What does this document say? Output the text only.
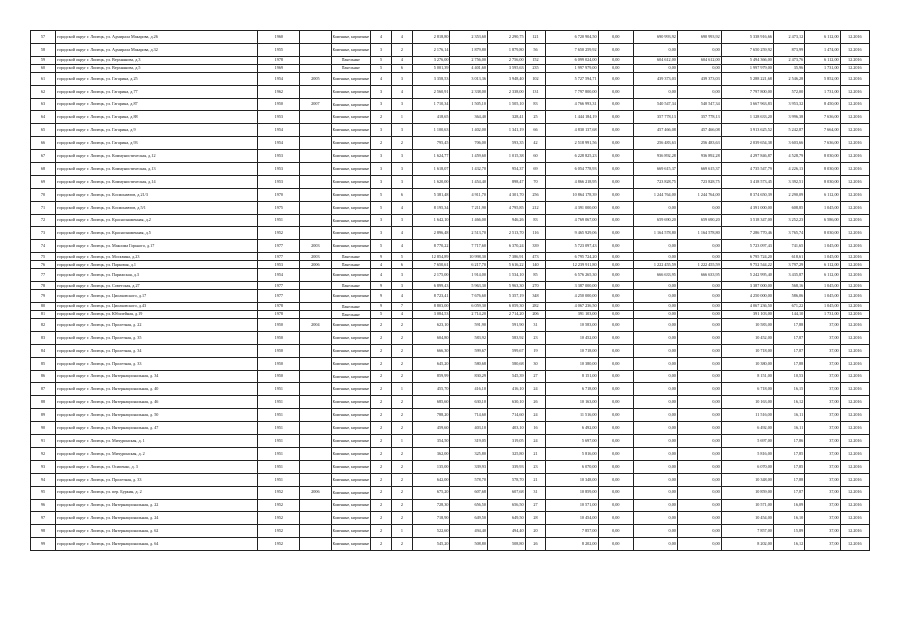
57	городской округ г. Липецк, ул. Адмирала Макарова, д.26	1960		Каменные, кирпичные	4	4	2 818,80	2 353,60	2 290,75	121	6 720 904,50	0,00	690 993,92	690 993,92	5 338 916,66	2 473,12	6 112,00	12.2016
58	городской округ г. Липецк, ул. Адмирала Макарова, д.32	1955		Каменные, кирпичные	3	2	2 176,14	1 879,80	1 879,80	56	7 650 259,92	0,00	0,00	0,00	7 650 259,92	873,99	1 474,00	12.2016
59	городской округ г. Липецк, ул. Верхнянова, д.3	1978		Панельные	5	4	3 276,00	2 756,00	2 756,00	152	6 099 024,00	0,00	604 612,00	604 612,00	5 494 366,00	2 473,76	6 112,00	12.2016
60	городской округ г. Липецк, ул. Верхнянова, д.5	1969		Панельные	5	6	5 001,39	4 401,60	3 595,63	235	1 997 979,00	0,00	0,00	0,00	1 997 979,00	35,96	1 731,00	12.2016
61	городской округ г. Липецк, ул. Гагарина, д.25	1954	2005	Каменные, кирпичные	4	3	3 358,53	3 013,36	3 948,40	102	5 727 594,71	0,00	439 373,03	439 373,03	5 288 221,68	2 546,28	5 852,00	12.2016
62	городской округ г. Липецк, ул. Гагарина, д.77	1962		Каменные, кирпичные	3	4	2 560,91	2 338,00	2 338,00	131	7 797 800,00	0,00	0,00	0,00	7 797 800,00	572,00	1 731,00	12.2016
63	городской округ г. Липецк, ул. Гагарина, д.87	1950	2007	Каменные, кирпичные	3	3	1 710,34	1 505,10	1 505,10	83	4 766 993,31	0,00	540 547,34	540 547,34	3 667 963,83	3 953,32	8 450,00	12.2016
64	городской округ г. Липецк, ул. Гагарина, д.88	1953		Каменные, кирпичные	2	1	418,65	364,40	328,41	25	1 444 184,19	0,00	357 778,13	357 778,13	1 128 633,20	3 996,38	7 636,00	12.2016
65	городской округ г. Липецк, ул. Гагарина, д.9	1954		Каменные, кирпичные	3	3	1 100,63	1 402,00	1 341,19	66	4 830 137,68	0,00	457 466,08	457 466,08	3 913 625,52	5 242,87	7 664,00	12.2016
66	городской округ г. Липецк, ул. Гагарина, д.93	1954		Каменные, кирпичные	2	2	795,45	706,00	593,35	42	2 518 991,56	0,00	256 483,63	256 483,63	2 039 654,38	3 603,66	7 636,00	12.2016
67	городской округ г. Липецк, ул. Коммунистическая, д.12	1953		Каменные, кирпичные	3	3	1 624,77	1 459,60	1 015,38	60	6 228 825,23	0,00	936 892,28	936 892,28	4 297 846,87	4 528,79	8 030,00	12.2016
68	городской округ г. Липецк, ул. Коммунистическая, д.13	1953		Каменные, кирпичные	3	3	1 618,07	1 432,70	954,37	69	6 054 778,93	0,00	669 615,37	669 615,37	4 735 547,79	4 226,13	8 030,00	12.2016
69	городской округ г. Липецк, ул. Коммунистическая, д.14	1953		Каменные, кирпичные	3	3	1 620,00	1 454,40	898,47	70	4 866 218,95	0,00	723 828,75	723 828,75	3 418 573,45	3 392,51	8 030,00	12.2016
70	городской округ г. Липецк, ул. Космонавтов, д.21/3	1970		Каменные, кирпичные	5	6	5 381,48	4 911,70	4 301,70	256	10 864 178,39	0,00	1 244 764,00	1 244 764,00	8 374 650,39	2 290,09	6 112,00	12.2016
71	городской округ г. Липецк, ул. Космонавтов, д.5/1	1975		Каменные, кирпичные	5	4	8 195,34	7 211,90	4 795,85	212	4 391 000,00	0,00	0,00	0,00	4 391 000,00	608,85	1 045,00	12.2016
72	городской округ г. Липецк, ул. Краснознаменная, д.2	1951		Каменные, кирпичные	3	3	1 642,10	1 466,00	946,26	83	4 769 067,00	0,00	659 690,20	659 690,20	3 518 347,00	3 252,23	6 586,00	12.2016
73	городской округ г. Липецк, ул. Краснознаменная, д.5	1952		Каменные, кирпичные	3	4	2 896,48	2 513,70	2 513,70	116	9 465 929,06	0,00	1 164 578,80	1 164 578,80	7 286 770,46	3 765,74	8 030,00	12.2016
74	городской округ г. Липецк, ул. Максима Горького, д.17	1977	2003	Каменные, кирпичные	5	4	8 770,22	7 717,60	6 370,24	339	5 723 097,43	0,00	0,00	0,00	5 723 097,43	741,65	1 045,00	12.2016
75	городской округ г. Липецк, ул. Москвина, д.23	1977	2003	Панельные	9	5	12 854,89	10 998,30	7 386,91	473	6 795 724,20	0,00	0,00	0,00	6 795 724,20	618,61	1 045,00	12.2016
76	городской округ г. Липецк, ул. Парковая, д.1	1953	2006	Панельные	4	6	7 650,61	6 217,70	5 616,22	140	12 239 911,80	0,00	1 222 455,59	1 222 455,59	9 752 544,22	3 797,29	6 112,00	12.2016
77	городской округ г. Липецк, ул. Парижская, д.3	1954		Каменные, кирпичные	4	3	2 175,00	1 914,00	1 534,10	85	6 576 265,30	0,00	666 633,95	666 633,95	5 242 995,40	3 435,87	6 112,00	12.2016
78	городской округ г. Липецк, ул. Советская, д.27	1977		Панельные	9	3	6 899,43	5 963,30	5 963,30	270	3 387 000,00	0,00	0,00	0,00	3 387 000,00	568,16	1 045,00	12.2016
79	городской округ г. Липецк, ул. Циолковского, д.17	1977		Каменные, кирпичные	9	4	8 723,41	7 676,60	5 357,19	348	4 250 000,00	0,00	0,00	0,00	4 250 000,00	586,06	1 045,00	12.2016
80	городской округ г. Липецк, ул. Циолковского, д.43	1978		Панельные	9	7	8 803,00	6 059,30	6 059,30	282	4 067 236,50	0,00	0,00	0,00	4 067 236,50	671,22	1 045,00	12.2016
81	городской округ г. Липецк, ул. Юбилейная, д.19	1978		Панельные	5	4	3 084,53	2 714,20	2 714,20	206	391 103,00	0,00	0,00	0,00	391 103,00	144,10	1 731,00	12.2016
82	городской округ г. Липецк, ул. Пролетная, д. 22	1950	2004	Каменные, кирпичные	2	2	623,10	591,90	591,90	31	10 583,00	0,00	0,00	0,00	10 583,00	17,88	37,00	12.2016
83	городской округ г. Липецк, ул. Пролетная, д. 35	1950		Каменные, кирпичные	2	2	604,80	583,92	583,92	23	10 452,00	0,00	0,00	0,00	10 452,00	17,87	37,00	12.2016
84	городской округ г. Липецк, ул. Пролетная, д. 34	1950		Каменные, кирпичные	2	2	666,30	599,67	599,67	19	10 718,00	0,00	0,00	0,00	10 718,00	17,87	37,00	12.2016
85	городской округ г. Липецк, ул. Пролетная, д. 33	1950		Каменные, кирпичные	2	2	645,20	580,68	580,68	30	10 380,00	0,00	0,00	0,00	10 380,00	17,88	37,00	12.2016
86	городской округ г. Липецк, ул. Интернациональная, д. 34	1950		Каменные, кирпичные	2	2	859,99	830,29	545,39	27	8 151,00	0,00	0,00	0,00	8 151,00	10,53	37,00	12.2016
87	городской округ г. Липецк, ул. Интернациональная, д. 40	1951		Каменные, кирпичные	2	1	455,70	416,10	416,10	24	6 718,00	0,00	0,00	0,00	6 718,00	16,15	37,00	12.2016
88	городской округ г. Липецк, ул. Интернациональная, д. 46	1951		Каменные, кирпичные	2	2	685,60	630,10	630,10	26	10 163,00	0,00	0,00	0,00	10 163,00	16,12	37,00	12.2016
89	городской округ г. Липецк, ул. Интернациональная, д. 50	1951		Каменные, кирпичные	2	2	788,20	714,60	714,60	24	11 516,00	0,00	0,00	0,00	11 516,00	16,11	37,00	12.2016
90	городской округ г. Липецк, ул. Интернациональная, д. 47	1951		Каменные, кирпичные	2	2	459,60	403,10	403,10	16	6 492,00	0,00	0,00	0,00	6 492,00	16,11	37,00	12.2016
91	городской округ г. Липецк, ул. Мичуринская, д. 1	1951		Каменные, кирпичные	2	1	354,50	319,05	319,05	24	5 697,00	0,00	0,00	0,00	5 697,00	17,86	37,00	12.2016
92	городской округ г. Липецк, ул. Мичуринская, д. 2	1951		Каменные, кирпичные	2	2	362,00	325,80	325,80	21	5 816,00	0,00	0,00	0,00	5 816,00	17,85	37,00	12.2016
93	городской округ г. Липецк, ул. Осипенко, д. 3	1951		Каменные, кирпичные	2	2	135,00	339,93	339,93	23	6 070,00	0,00	0,00	0,00	6 070,00	17,85	37,00	12.2016
94	городской округ г. Липецк, ул. Пролетная, д. 33	1951		Каменные, кирпичные	2	2	642,00	578,70	578,70	21	10 348,00	0,00	0,00	0,00	10 348,00	17,88	37,00	12.2016
95	городской округ г. Липецк, ул. пер. Буркин, д. 2	1952	2006	Каменные, кирпичные	2	2	675,20	607,68	607,68	31	10 859,00	0,00	0,00	0,00	10 859,00	17,87	37,00	12.2016
96	городской округ г. Липецк, ул. Интернациональная, д. 22	1952		Каменные, кирпичные	2	2	728,30	656,50	656,50	27	10 571,00	0,00	0,00	0,00	10 571,00	16,09	37,00	12.2016
97	городской округ г. Липецк, ул. Интернациональная, д. 24	1952		Каменные, кирпичные	2	2	718,90	649,50	649,50	28	10 454,00	0,00	0,00	0,00	10 454,00	16,10	37,00	12.2016
98	городской округ г. Липецк, ул. Интернациональная, д. 62	1952		Каменные, кирпичные	2	1	522,60	494,40	494,40	20	7 857,00	0,00	0,00	0,00	7 857,00	15,89	37,00	12.2016
99	городской округ г. Липецк, ул. Интернациональная, д. 64	1952		Каменные, кирпичные	2	2	545,20	508,80	508,80	26	8 202,00	0,00	0,00	0,00	8 202,00	16,12	37,00	12.2016
